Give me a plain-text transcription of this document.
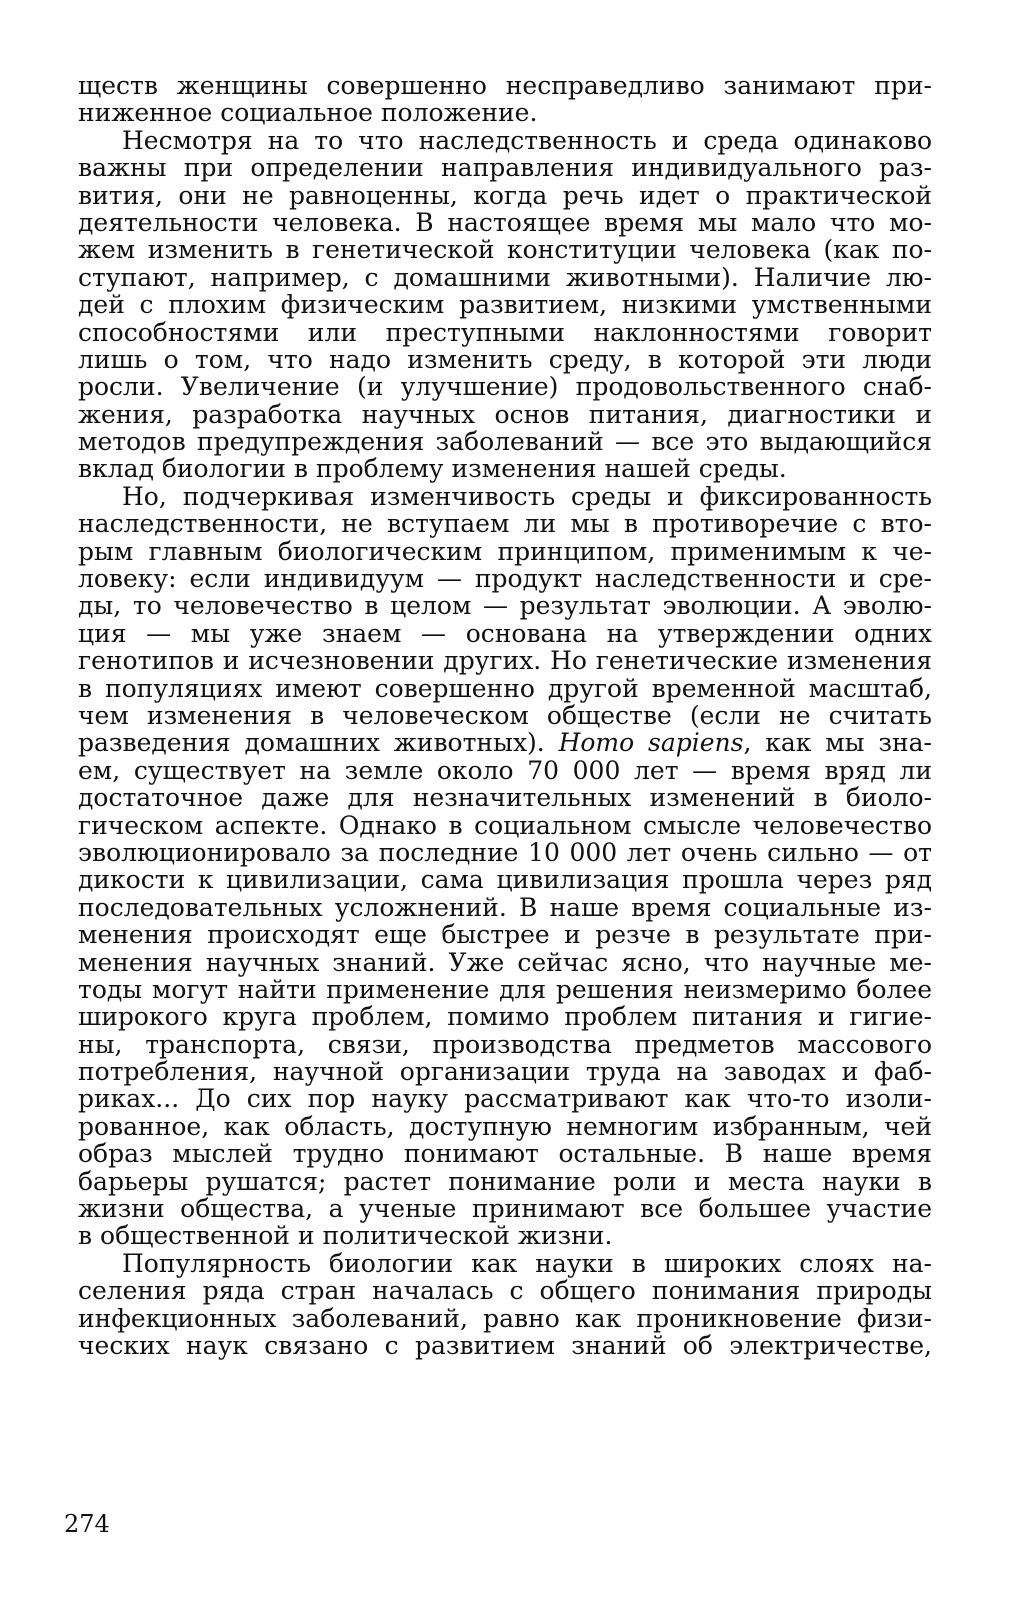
ществ женщины совершенно несправедливо занимают при-
ниженное социальное положение.
Несмотря на то что наследственность и среда одинаково
важны при определении направления индивидуального раз-
вития, они не равноценны, когда речь идет о практической
деятельности человека. В настоящее время мы мало что мо-
жем изменить в генетической конституции человека (как по-
ступают, например, с домашними животными). Наличие лю-
дей с плохим физическим развитием, низкими умственными
способностями или преступными наклонностями говорит
лишь о том, что надо изменить среду, в которой эти люди
росли. Увеличение (и улучшение) продовольственного снаб-
жения, разработка научных основ питания, диагностики и
методов предупреждения заболеваний — все это выдающийся
вклад биологии в проблему изменения нашей среды.
Но, подчеркивая изменчивость среды и фиксированность
наследственности, не вступаем ли мы в противоречие с вто-
рым главным биологическим принципом, применимым к че-
ловеку: если индивидуум — продукт наследственности и сре-
ды, то человечество в целом — результат эволюции. А эволю-
ция — мы уже знаем — основана на утверждении одних
генотипов и исчезновении других. Но генетические изменения
в популяциях имеют совершенно другой временной масштаб,
чем изменения в человеческом обществе (если не считать
разведения домашних животных). Homo sapiens, как мы зна-
ем, существует на земле около 70 000 лет — время вряд ли
достаточное даже для незначительных изменений в биоло-
гическом аспекте. Однако в социальном смысле человечество
эволюционировало за последние 10 000 лет очень сильно — от
дикости к цивилизации, сама цивилизация прошла через ряд
последовательных усложнений. В наше время социальные из-
менения происходят еще быстрее и резче в результате при-
менения научных знаний. Уже сейчас ясно, что научные ме-
тоды могут найти применение для решения неизмеримо более
широкого круга проблем, помимо проблем питания и гигие-
ны, транспорта, связи, производства предметов массового
потребления, научной организации труда на заводах и фаб-
риках... До сих пор науку рассматривают как что-то изоли-
рованное, как область, доступную немногим избранным, чей
образ мыслей трудно понимают остальные. В наше время
барьеры рушатся; растет понимание роли и места науки в
жизни общества, а ученые принимают все большее участие
в общественной и политической жизни.
Популярность биологии как науки в широких слоях на-
селения ряда стран началась с общего понимания природы
инфекционных заболеваний, равно как проникновение физи-
ческих наук связано с развитием знаний об электричестве,
274
